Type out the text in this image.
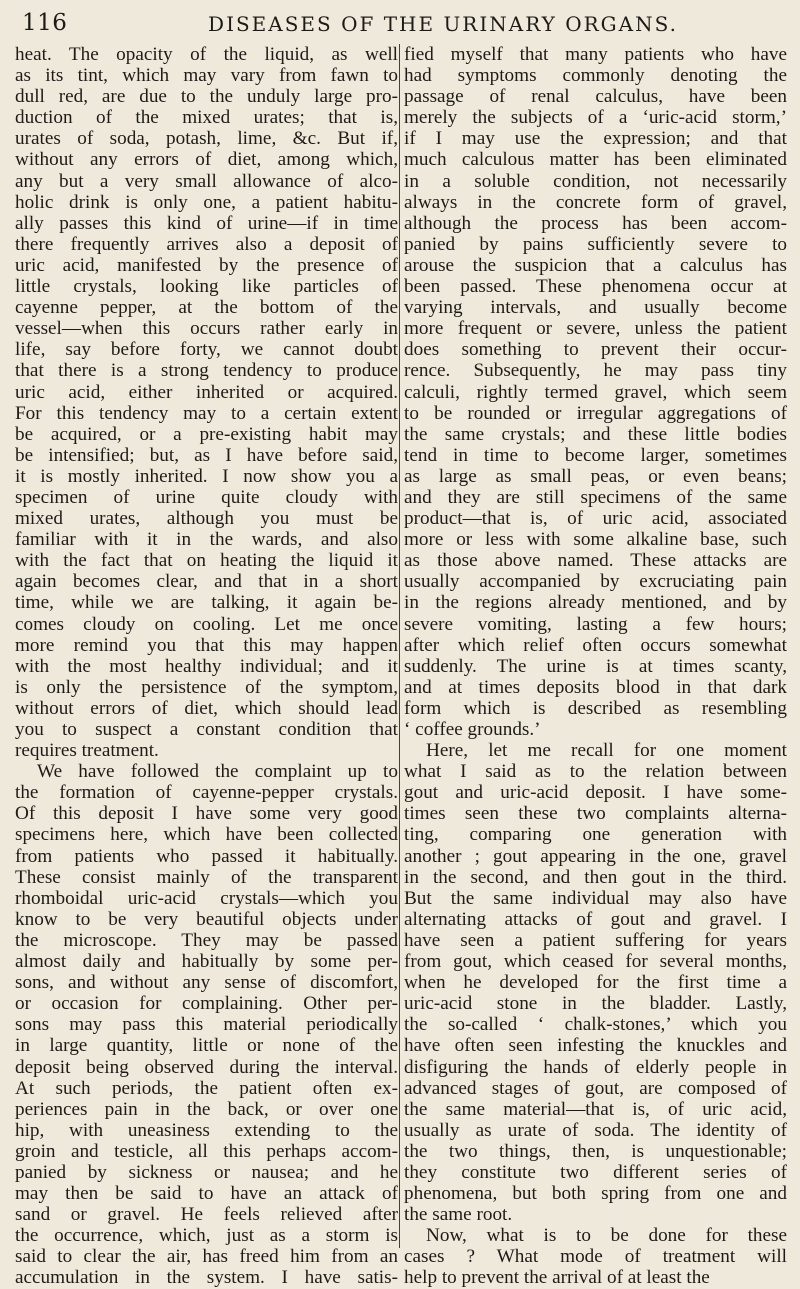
116	DISEASES OF THE URINARY ORGANS.
heat. The opacity of the liquid, as well
as its tint, which may vary from fawn to
dull red, are due to the unduly large pro-
duction of the mixed urates; that is,
urates of soda, potash, lime, &c. But if,
without any errors of diet, among which,
any but a very small allowance of alco-
holic drink is only one, a patient habitu-
ally passes this kind of urine—if in time
there frequently arrives also a deposit of
uric acid, manifested by the presence of
little crystals, looking like particles of
cayenne pepper, at the bottom of the
vessel—when this occurs rather early in
life, say before forty, we cannot doubt
that there is a strong tendency to produce
uric acid, either inherited or acquired.
For this tendency may to a certain extent
be acquired, or a pre-existing habit may
be intensified; but, as I have before said,
it is mostly inherited. I now show you a
specimen of urine quite cloudy with
mixed urates, although you must be
familiar with it in the wards, and also
with the fact that on heating the liquid it
again becomes clear, and that in a short
time, while we are talking, it again be-
comes cloudy on cooling. Let me once
more remind you that this may happen
with the most healthy individual; and it
is only the persistence of the symptom,
without errors of diet, which should lead
you to suspect a constant condition that
requires treatment.
We have followed the complaint up to
the formation of cayenne-pepper crystals.
Of this deposit I have some very good
specimens here, which have been collected
from patients who passed it habitually.
These consist mainly of the transparent
rhomboidal uric-acid crystals—which you
know to be very beautiful objects under
the microscope. They may be passed
almost daily and habitually by some per-
sons, and without any sense of discomfort,
or occasion for complaining. Other per-
sons may pass this material periodically
in large quantity, little or none of the
deposit being observed during the interval.
At such periods, the patient often ex-
periences pain in the back, or over one
hip, with uneasiness extending to the
groin and testicle, all this perhaps accom-
panied by sickness or nausea; and he
may then be said to have an attack of
sand or gravel. He feels relieved after
the occurrence, which, just as a storm is
said to clear the air, has freed him from an
accumulation in the system. I have satis-
fied myself that many patients who have
had symptoms commonly denoting the
passage of renal calculus, have been
merely the subjects of a ‘uric-acid storm,’
if I may use the expression; and that
much calculous matter has been eliminated
in a soluble condition, not necessarily
always in the concrete form of gravel,
although the process has been accom-
panied by pains sufficiently severe to
arouse the suspicion that a calculus has
been passed. These phenomena occur at
varying intervals, and usually become
more frequent or severe, unless the patient
does something to prevent their occur-
rence. Subsequently, he may pass tiny
calculi, rightly termed gravel, which seem
to be rounded or irregular aggregations of
the same crystals; and these little bodies
tend in time to become larger, sometimes
as large as small peas, or even beans;
and they are still specimens of the same
product—that is, of uric acid, associated
more or less with some alkaline base, such
as those above named. These attacks are
usually accompanied by excruciating pain
in the regions already mentioned, and by
severe vomiting, lasting a few hours;
after which relief often occurs somewhat
suddenly. The urine is at times scanty,
and at times deposits blood in that dark
form which is described as resembling
‘ coffee grounds.’
Here, let me recall for one moment
what I said as to the relation between
gout and uric-acid deposit. I have some-
times seen these two complaints alterna-
ting, comparing one generation with
another ; gout appearing in the one, gravel
in the second, and then gout in the third.
But the same individual may also have
alternating attacks of gout and gravel. I
have seen a patient suffering for years
from gout, which ceased for several months,
when he developed for the first time a
uric-acid stone in the bladder. Lastly,
the so-called ‘ chalk-stones,’ which you
have often seen infesting the knuckles and
disfiguring the hands of elderly people in
advanced stages of gout, are composed of
the same material—that is, of uric acid,
usually as urate of soda. The identity of
the two things, then, is unquestionable;
they constitute two different series of
phenomena, but both spring from one and
the same root.
Now, what is to be done for these
cases ? What mode of treatment will
help to prevent the arrival of at least the
